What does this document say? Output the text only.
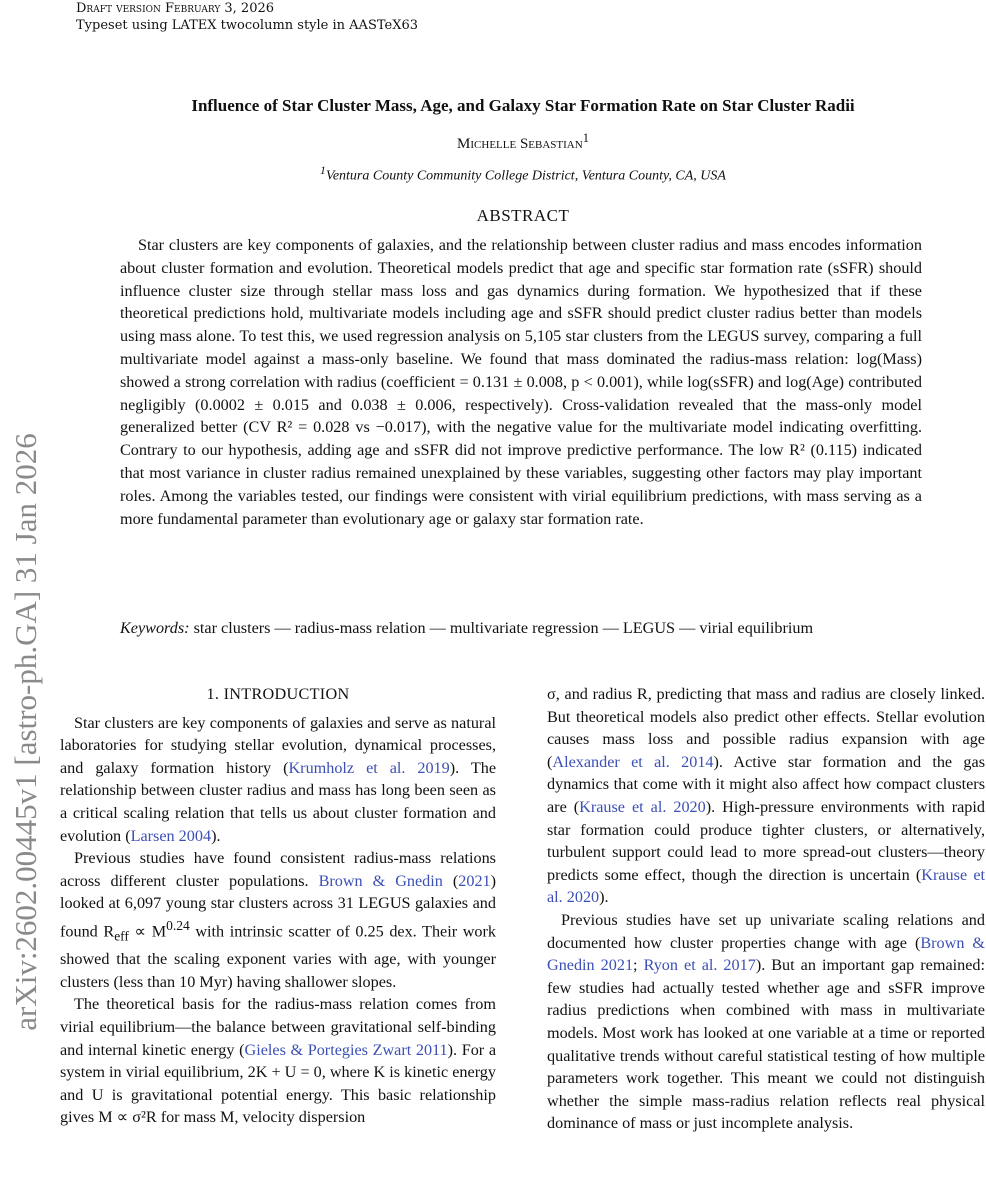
Draft version February 3, 2026
Typeset using LATEX twocolumn style in AASTeX63
arXiv:2602.00445v1 [astro-ph.GA] 31 Jan 2026
Influence of Star Cluster Mass, Age, and Galaxy Star Formation Rate on Star Cluster Radii
Michelle Sebastian$^1$
$^1$Ventura County Community College District, Ventura County, CA, USA
ABSTRACT

Star clusters are key components of galaxies, and the relationship between cluster radius and mass encodes information about cluster formation and evolution. Theoretical models predict that age and specific star formation rate (sSFR) should influence cluster size through stellar mass loss and gas dynamics during formation. We hypothesized that if these theoretical predictions hold, multivariate models including age and sSFR should predict cluster radius better than models using mass alone. To test this, we used regression analysis on 5,105 star clusters from the LEGUS survey, comparing a full multivariate model against a mass-only baseline. We found that mass dominated the radius-mass relation: log(Mass) showed a strong correlation with radius (coefficient = 0.131 ± 0.008, p < 0.001), while log(sSFR) and log(Age) contributed negligibly (0.0002 ± 0.015 and 0.038 ± 0.006, respectively). Cross-validation revealed that the mass-only model generalized better (CV R² = 0.028 vs −0.017), with the negative value for the multivariate model indicating overfitting. Contrary to our hypothesis, adding age and sSFR did not improve predictive performance. The low R² (0.115) indicated that most variance in cluster radius remained unexplained by these variables, suggesting other factors may play important roles. Among the variables tested, our findings were consistent with virial equilibrium predictions, with mass serving as a more fundamental parameter than evolutionary age or galaxy star formation rate.

Keywords: star clusters — radius-mass relation — multivariate regression — LEGUS — virial equilibrium
1. INTRODUCTION

Star clusters are key components of galaxies and serve as natural laboratories for studying stellar evolution, dynamical processes, and galaxy formation history (Krumholz et al. 2019). The relationship between cluster radius and mass has long been seen as a critical scaling relation that tells us about cluster formation and evolution (Larsen 2004).

Previous studies have found consistent radius-mass relations across different cluster populations. Brown & Gnedin (2021) looked at 6,097 young star clusters across 31 LEGUS galaxies and found $R_{eff} \propto M^{0.24}$ with intrinsic scatter of 0.25 dex. Their work showed that the scaling exponent varies with age, with younger clusters (less than 10 Myr) having shallower slopes.

The theoretical basis for the radius-mass relation comes from virial equilibrium—the balance between gravitational self-binding and internal kinetic energy (Gieles & Portegies Zwart 2011). For a system in virial equilibrium, 2K + U = 0, where K is kinetic energy and U is gravitational potential energy. This basic relationship gives M ∝ σ²R for mass M, velocity dispersion

σ, and radius R, predicting that mass and radius are closely linked. But theoretical models also predict other effects. Stellar evolution causes mass loss and possible radius expansion with age (Alexander et al. 2014). Active star formation and the gas dynamics that come with it might also affect how compact clusters are (Krause et al. 2020). High-pressure environments with rapid star formation could produce tighter clusters, or alternatively, turbulent support could lead to more spread-out clusters—theory predicts some effect, though the direction is uncertain (Krause et al. 2020).

Previous studies have set up univariate scaling relations and documented how cluster properties change with age (Brown & Gnedin 2021; Ryon et al. 2017). But an important gap remained: few studies had actually tested whether age and sSFR improve radius predictions when combined with mass in multivariate models. Most work has looked at one variable at a time or reported qualitative trends without careful statistical testing of how multiple parameters work together. This meant we could not distinguish whether the simple mass-radius relation reflects real physical dominance of mass or just incomplete analysis.
